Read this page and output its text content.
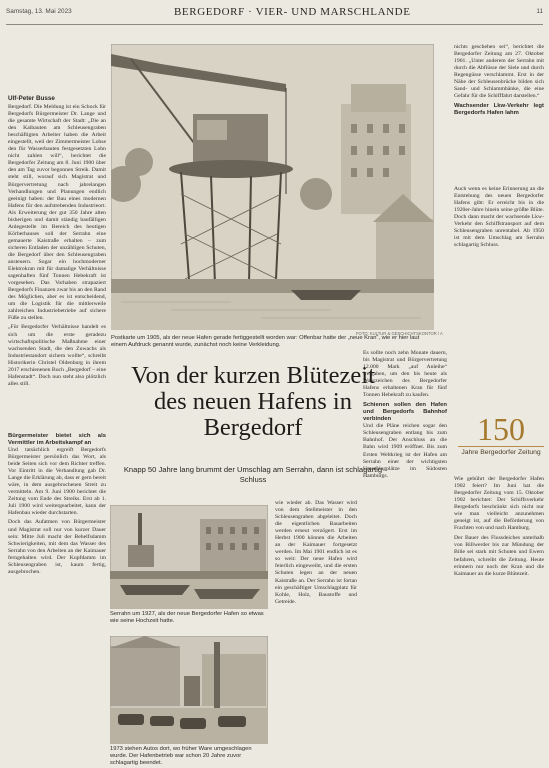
Samstag, 13. Mai 2023	BERGEDORF · VIER- UND MARSCHLANDE	11
FOTO: KULTUR & GESCHICHTSKONTOR / A
Postkarte um 1905, als der neue Hafen gerade fertiggestellt worden war: Offenbar hatte der „neue Kran“, wie er hier laut einem Aufdruck genannt wurde, zunächst noch keine Verkleidung.
Ulf-Peter Busse
Bergedorf. Die Meldung ist ein Schock für Bergedorfs Bürgermeister Dr. Lange und die gesamte Wirtschaft der Stadt: „Die an den Kaibauten am Schleusengraben beschäftigten Arbeiter haben die Arbeit eingestellt, weil der Zimmermeister Lohse den für Wasserbauten festgesetzten Lohn nicht zahlen will“, berichtet die Bergedorfer Zeitung am 8. Juni 1900 über den am Tag zuvor begonnen Streik. Damit steht still, worauf sich Magistrat und Bürgervertretung nach jahrelangen Verhandlungen und Planungen endlich geeinigt haben: der Bau eines modernen Hafens für den aufstrebenden Industrieort. Als Erweiterung der gut 350 Jahre alten bisherigen und damit ständig baufälligen Anlegestelle im Bereich des heutigen Körberhauses soll der Serrahn eine gemauerte Kaistraße erhalten – zum sicheren Entladen der unzähligen Schuten, die Bergedorf über den Schleusengraben ansteuern. Sogar ein hochmoderner Elektrokran mit für damalige Verhältnisse sagenhaften fünf Tonnen Hebekraft ist vorgesehen. Das Vorhaben strapaziert Bergedorfs Finanzen zwar bis an den Rand des Möglichen, aber es ist entscheidend, um die Logistik für die mittlerweile zahlreichen Industriebetriebe auf sichere Füße zu stellen.
„Für Bergedorfer Verhältnisse handelt es sich um die erste geradezu wirtschaftspolitische Maßnahme einer wachsenden Stadt, die den Zuwachs als Industriestandort sichern wollte“, schreibt Historikerin Christel Oldenburg in ihrem 2017 erschienenen Buch „Bergedorf – eine Hafenstadt“. Doch nun steht also plötzlich alles still.
Bürgermeister bietet sich als Vermittler im Arbeitskampf an
Und tatsächlich ergreift Bergedorfs Bürgermeister persönlich das Wort, als beide Seiten sich vor dem Richter treffen. Vor Eintritt in die Verhandlung gab Dr. Lange die Erklärung ab, dass er gern bereit wäre, in dem ausgebrochenen Streit zu vermitteln. Am 9. Juni 1900 berichtet die Zeitung vom Ende des Streiks. Erst ab 1. Juli 1900 wird weitergearbeitet, kann der Hafenbau wieder durchstarten.
Doch das Aufatmen von Bürgermeister und Magistrat soll nur von kurzer Dauer sein: Mitte Juli macht der Behelfsdamm Schwierigkeiten, mit dem das Wasser des Serrahn von den Arbeiten an der Kaimauer ferngehalten wird. Der Kupfdamm im Schleusengraben ist, kaum fertig, ausgebrochen.
Von der kurzen Blütezeit des neuen Hafens in Bergedorf
Knapp 50 Jahre lang brummt der Umschlag am Serrahn, dann ist schlagartig Schluss
Serrahn um 1927, als der neue Bergedorfer Hafen so etwas wie seine Hochzeit hatte.
1973 stehen Autos dort, wo früher Ware umgeschlagen wurde. Der Hafenbetrieb war schon 20 Jahre zuvor schlagartig beendet.
wie wieder ab. Das Wasser wird von dem Stellmeister in den Schleusengraben abgeleitet. Doch die eigentlichen Bauarbeiten werden erneut verzögert. Erst im Herbst 1900 können die Arbeiten an der Kaimauer fortgesetzt werden. Im Mai 1901 endlich ist es so weit: Der neue Hafen wird feierlich eingeweiht, und die ersten Schuten legen an der neuen Kaistraße an. Der Serrahn ist fortan ein geschäftiger Umschlagplatz für Kohle, Holz, Baustoffe und Getreide.
Es sollte noch zehn Monate dauern, bis Magistrat und Bürgervertretung 12.000 Mark „auf Anleihe“ freigaben, um den bis heute als Wahrzeichen des Bergedorfer Hafens erhaltenen Kran für fünf Tonnen Hebekraft zu kaufen.
Schienen sollen den Hafen und Bergedorfs Bahnhof verbinden
Und die Pläne reichen sogar den Schleusengraben entlang bis zum Bahnhof. Der Anschluss an die Bahn wird 1909 eröffnet. Bis zum Ersten Weltkrieg ist der Hafen am Serrahn einer der wichtigsten Umschlagplätze im Südosten Hamburgs.
nichts geschehen sei“, berichtet die Bergedorfer Zeitung am 27. Oktober 1901. „Unter anderem der Serrahn mit durch die Abflüsse der Siele und durch Regengüsse verschlammt. Erst in der Nähe der Schleusenbrücke bilden sich Sand- und Schlammbänke, die eine Gefahr für die Schifffahrt darstellen.“
Wachsender Lkw-Verkehr legt Bergedorfs Hafen lahm
Auch wenn es keine Erinnerung an die Entstehung des neuen Bergedorfer Hafens gibt: Er erreicht bis in die 1920er-Jahre hinein seine größte Blüte. Doch dann macht der wachsende Lkw-Verkehr den Schiffstransport auf dem Schleusengraben unrentabel. Ab 1950 ist mit dem Umschlag am Serrahn schlagartig Schluss.
150
Jahre Bergedorfer Zeitung
Wie gebührt der Bergedorfer Hafen 1902 feiert? Im Juni hat die Bergedorfer Zeitung vom 15. Oktober 1902 berichtet: Der Schiffsverkehr Bergedorfs beschränkt sich nicht nur wie man vielleicht anzunehmen geneigt ist, auf die Beförderung von Frachten von und nach Hamburg.
Der Bauer des Flussdeiches unterhalb von Billwerder bis zur Mündung der Bille sei stark mit Schuten und Ewern befahren, schreibt die Zeitung. Heute erinnern nur noch der Kran und die Kaimauer an die kurze Blütezeit.
